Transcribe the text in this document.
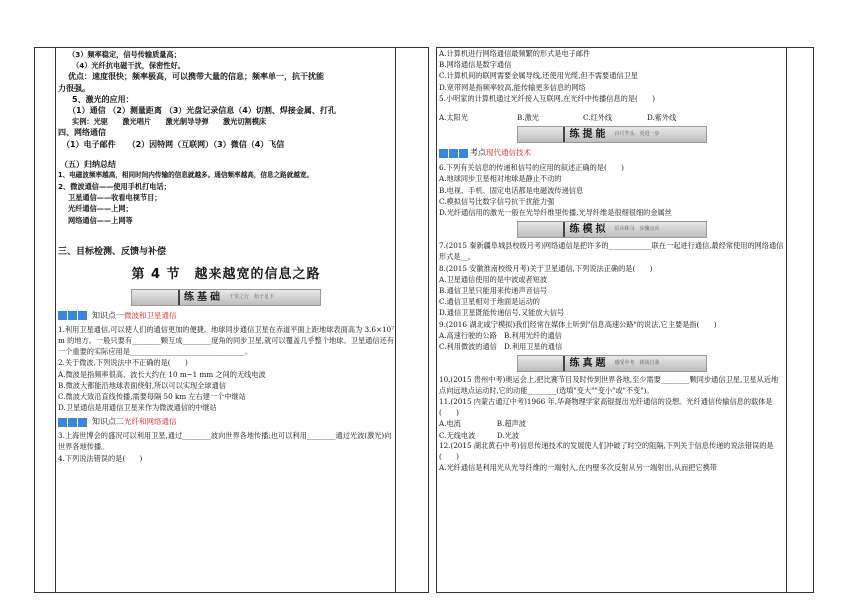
（3）频率稳定，信号传输质量高；
（4）光纤抗电磁干扰，保密性好。
优点：速度很快；频率极高，可以携带大量的信息；频率单一，抗干扰能
力很强。
5、激光的应用：
（1）通信 （2）测量距离 （3）光盘记录信息（4）切割、焊接金属、打孔
实例：光驱　　激光唱片　　激光制导导弹　　激光切割模床
四、网络通信
（1）电子邮件　　（2）因特网（互联网）（3）微信（4）飞信
（五）归纳总结
1、电磁波频率越高，相同时间内传输的信息就越多。通信频率越高，信息之路就越宽。
2、微波通信——使用手机打电话；
卫星通信——收看电视节目；
光纤通信——上网；
网络通信——上网等
三、目标检测、反馈与补偿
第 4 节　越来越宽的信息之路
练基础 千里之行　始于足下
知识点一 微波和卫星通信
1.利用卫星通信,可以使人们的通信更加的便捷。地球同步通信卫星在赤道平面上距地球表面高为 3.6×10⁷ m 的地方。一般只要有________颗互成________度角的同步卫星,就可以覆盖几乎整个地球。卫星通信还有一个重要的实际应用是________________________________。
2.关于微波,下列说法中不正确的是(　　)
A.微波是指频率很高、波长大约在 10 m~1 mm 之间的无线电波
B.微波大都能沿地球表面绕射,所以可以实现全球通信
C.微波大致沿直线传播,需要每隔 50 km 左右建一个中继站
D.卫星通信是用通信卫星来作为微波通信的中继站
知识点二 光纤和网络通信
3.上海世博会的盛况可以利用卫星,通过________波向世界各地传播;也可以利用________通过光波(激光)向世界各地传播。
4.下列说法错误的是(　　)
A.计算机进行网络通信最频繁的形式是电子邮件
B.网络通信是数字通信
C.计算机间的联网需要金属导线,还使用光缆,但不需要通信卫星
D.宽带网是指频率较高,能传输更多信息的网络
5.小明家的计算机通过光纤接入互联网,在光纤中传播信息的是(　　)
A.太阳光	B.激光	C.红外线	D.紫外线
练提能 百尺竿头　更进一步
考点 现代通信技术
6.下列有关信息的传递和信号的应用的叙述正确的是(　　)
A.地球同步卫星相对地球是静止不动的
B.电视、手机、固定电话都是电磁波传递信息
C.模拟信号比数字信号抗干扰能力强
D.光纤通信用的激光一般在光导纤维里传播,光导纤维是很细很细的金属丝
练模拟 厉兵秣马　步骤点兵
7.(2015 秦新疆阜城县校级月考)网络通信是把许多的____________联在一起进行通信,最经常使用的网络通信形式是__。
8.(2015 安徽淮南校级月考)关于卫星通信,下列说法正确的是(　　)
A.卫星通信使用的是中波或者短波
B.通信卫星只能用来传递声音信号
C.通信卫星相对于地面是运动的
D.通信卫星既能传递信号,又能放大信号
9.(2016 湖北咸宁模拟)我们经常在媒体上听到"信息高速公路"的说法,它主要是指(　　)
A.高速行驶的公路　B.利用光纤的通信
C.利用微波的通信　D.利用卫星的通信
练真题 感受中考　挑战自我
10.(2015 贵州中考)奥运会上,把比赛节目及时传到世界各地,至少需要________颗同步通信卫星,卫星从近地点向远地点运动时,它的动能________(选填"变大""变小"或"不变")。
11.(2015 内蒙古通辽中考)1966 年,华裔物理学家高锟提出光纤通信的设想。光纤通信传输信息的载体是(　　)
A.电流　　　　　B.超声波
C.无线电波　　　D.光波
12.(2015 湖北黄石中考)信息传递技术的发展使人们冲破了时空的阻隔,下列关于信息传递的说法错误的是(　　)
A.光纤通信是利用光从光导纤维的一端射入,在内壁多次反射从另一端射出,从而把它携带
